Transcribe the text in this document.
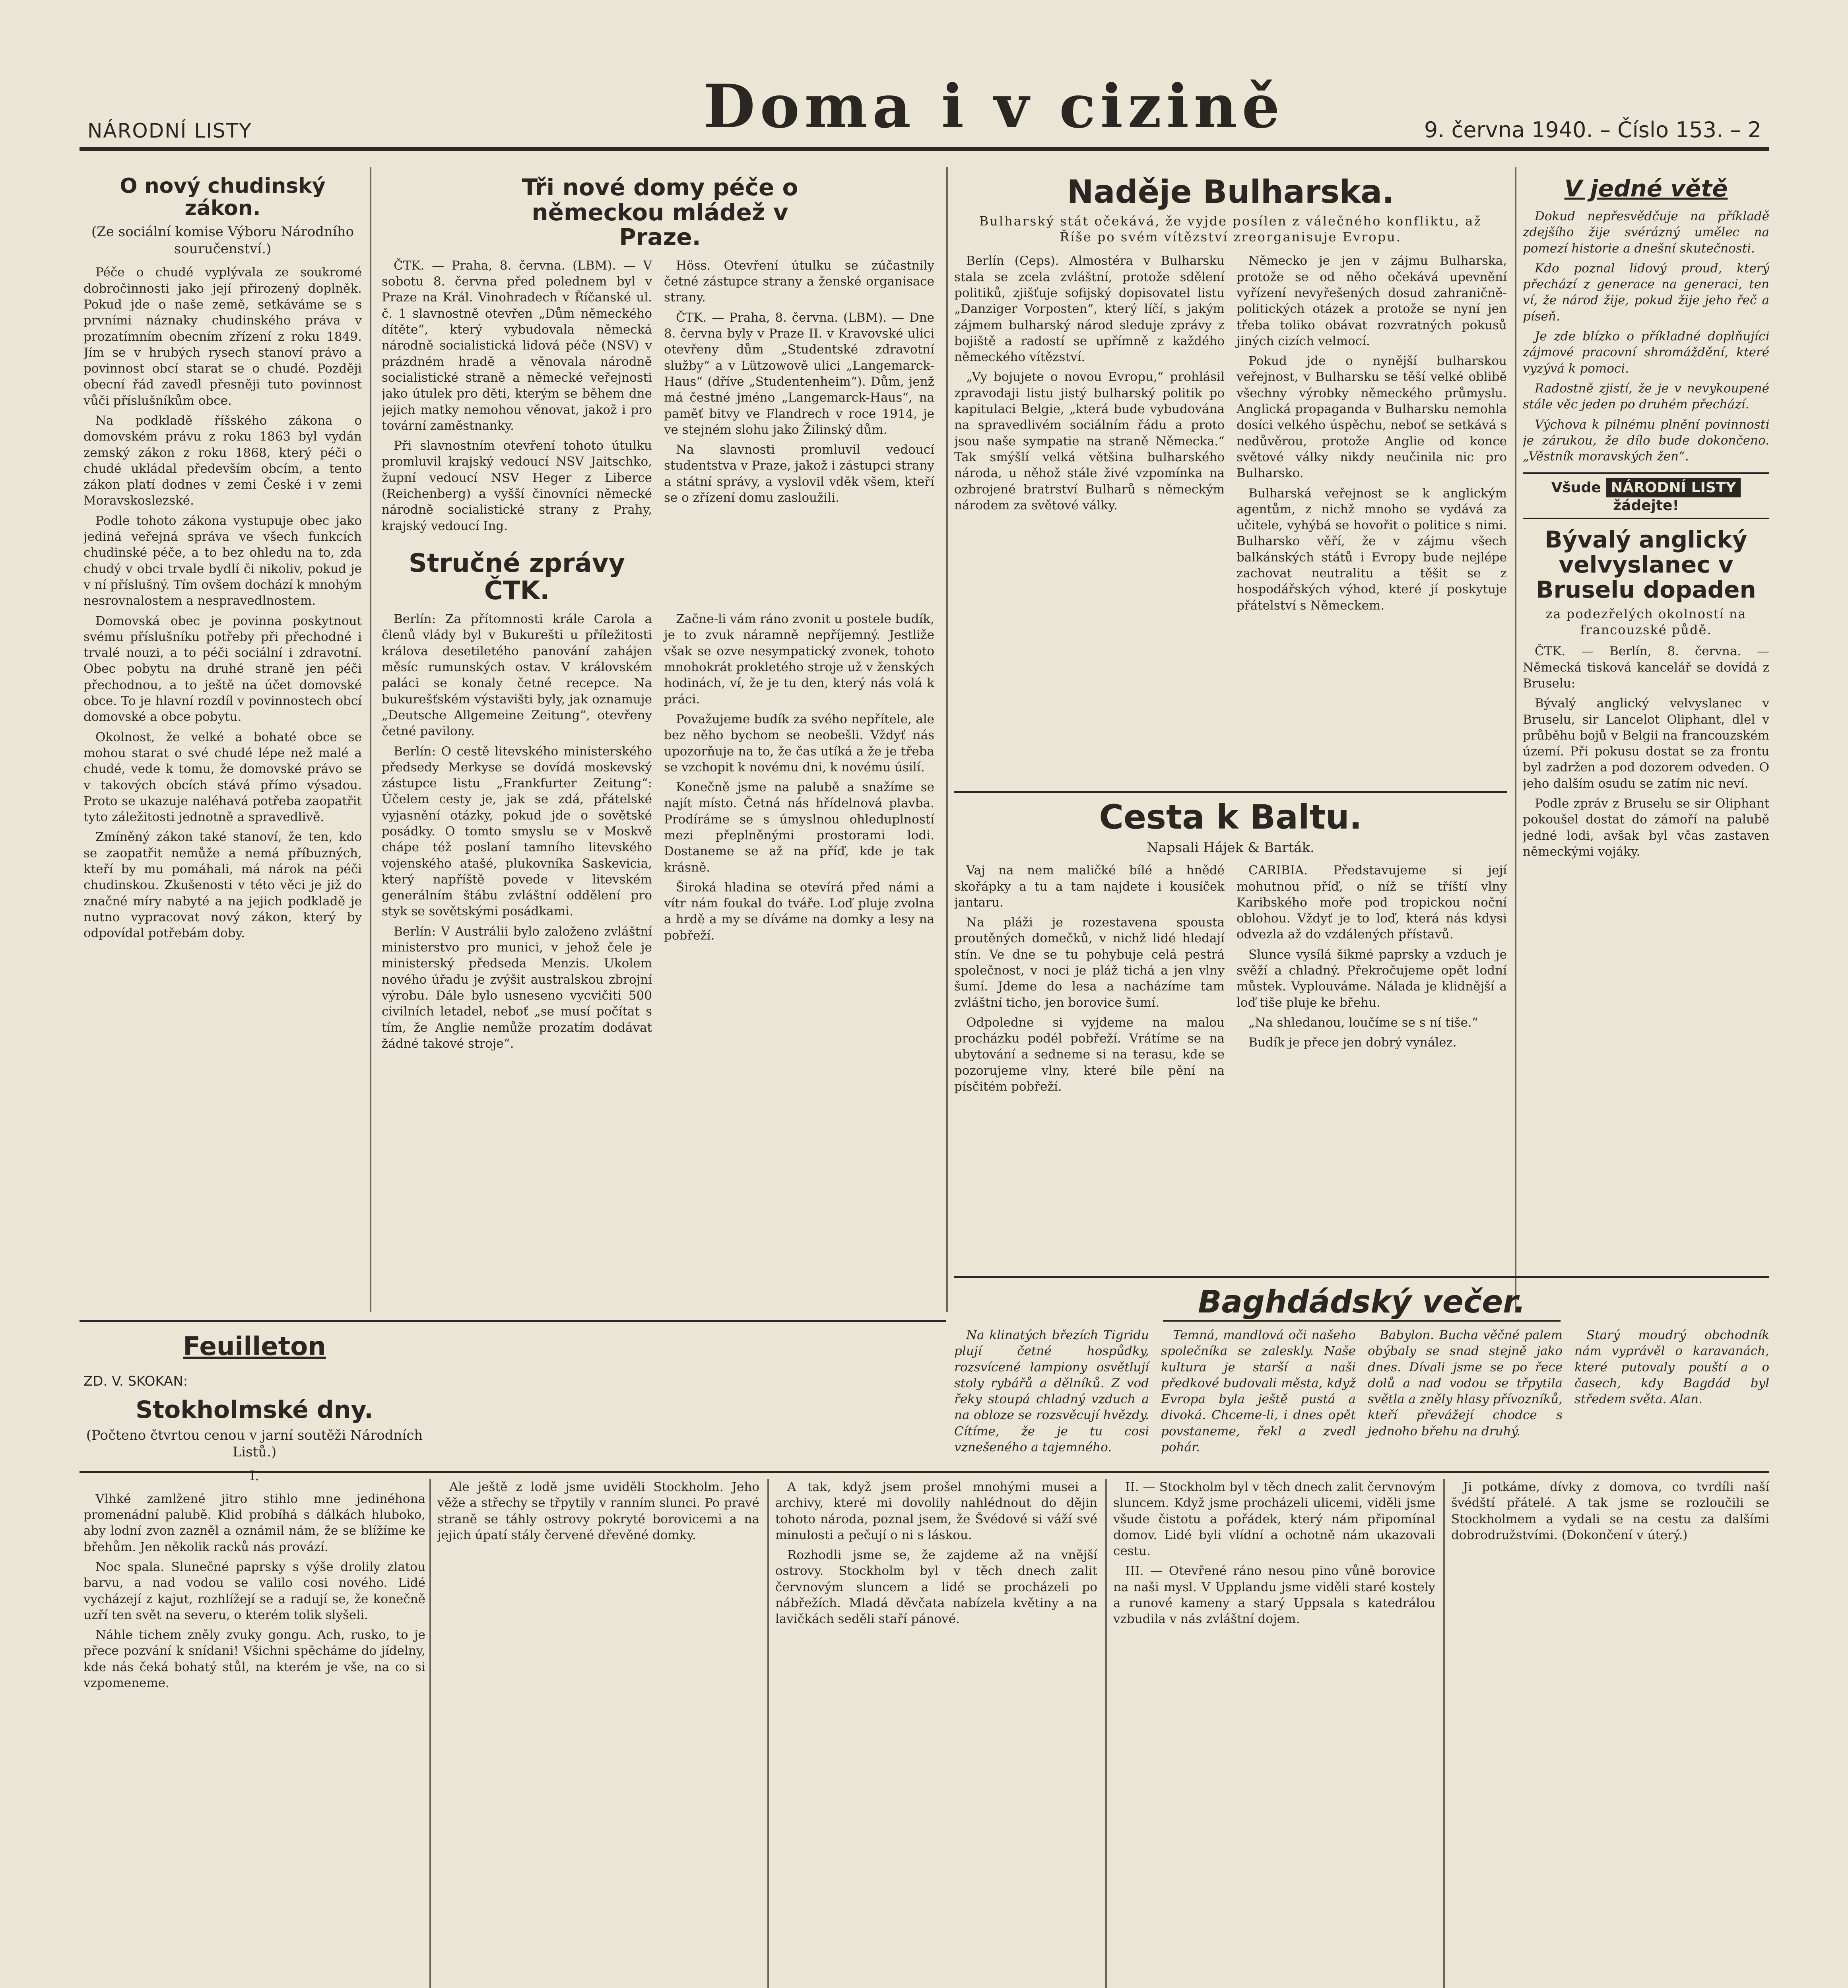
NÁRODNÍ LISTY	Doma i v cizině	9. června 1940. – Číslo 153. – 2
O nový chudinský zákon.
(Ze sociální komise Výboru Národního souručenství.)

Péče o chudé vyplývala ze soukromé dobročinnosti jako její přirozený doplněk. Pokud jde o naše země, setkáváme se s prvními náznaky chudinského práva v prozatímním obecním zřízení z roku 1849. Jím se v hrubých rysech stanoví právo a povinnost obcí starat se o chudé. Později obecní řád zavedl přesněji tuto povinnost vůči příslušníkům obce.

Na podkladě říšského zákona o domovském právu z roku 1863 byl vydán zemský zákon z roku 1868, který péči o chudé ukládal především obcím, a tento zákon platí dodnes v zemi České i v zemi Moravskoslezské.

Podle tohoto zákona vystupuje obec jako jediná veřejná správa ve všech funkcích chudinské péče, a to bez ohledu na to, zda chudý v obci trvale bydlí či nikoliv, pokud je v ní příslušný. Tím ovšem dochází k mnohým nesrovnalostem a nespravedlnostem.

Domovská obec je povinna poskytnout svému příslušníku potřeby při přechodné i trvalé nouzi, a to péči sociální i zdravotní. Obec pobytu na druhé straně jen péči přechodnou, a to ještě na účet domovské obce. To je hlavní rozdíl v povinnostech obcí domovské a obce pobytu.

Okolnost, že velké a bohaté obce se mohou starat o své chudé lépe než malé a chudé, vede k tomu, že domovské právo se v takových obcích stává přímo výsadou. Proto se ukazuje naléhavá potřeba zaopatřit tyto záležitosti jednotně a spravedlivě.

Zmíněný zákon také stanoví, že ten, kdo se zaopatřit nemůže a nemá příbuzných, kteří by mu pomáhali, má nárok na péči chudinskou. Zkušenosti v této věci je již do značné míry nabyté a na jejich podkladě je nutno vypracovat nový zákon, který by odpovídal potřebám doby.

Tři nové domy péče o německou mládež v Praze.

ČTK. — Praha, 8. června. (LBM). — V sobotu 8. června před polednem byl v Praze na Král. Vinohradech v Říčanské ul. č. 1 slavnostně otevřen „Dům německého dítěte“, který vybudovala německá národně socialistická lidová péče (NSV) v prázdném hradě a věnovala národně socialistické straně a německé veřejnosti jako útulek pro děti, kterým se během dne jejich matky nemohou věnovat, jakož i pro tovární zaměstnanky.

Při slavnostním otevření tohoto útulku promluvil krajský vedoucí NSV Jaitschko, župní vedoucí NSV Heger z Liberce (Reichenberg) a vyšší činovníci německé národně socialistické strany z Prahy, krajský vedoucí Ing.

Höss. Otevření útulku se zúčastnily četné zástupce strany a ženské organisace strany.

ČTK. — Praha, 8. června. (LBM). — Dne 8. června byly v Praze II. v Kravovské ulici otevřeny dům „Studentské zdravotní služby“ a v Lützowově ulici „Langemarck-Haus“ (dříve „Studentenheim“). Dům, jenž má čestné jméno „Langemarck-Haus“, na paměť bitvy ve Flandrech v roce 1914, je ve stejném slohu jako Žilinský dům.

Na slavnosti promluvil vedoucí studentstva v Praze, jakož i zástupci strany a státní správy, a vyslovil vděk všem, kteří se o zřízení domu zasloužili.

Stručné zprávy ČTK.

Berlín: Za přítomnosti krále Carola a členů vlády byl v Bukurešti u příležitosti králova desetiletého panování zahájen měsíc rumunských ostav. V královském paláci se konaly četné recepce. Na bukurešťském výstavišti byly, jak oznamuje „Deutsche Allgemeine Zeitung“, otevřeny četné pavilony.

Berlín: O cestě litevského ministerského předsedy Merkyse se dovídá moskevský zástupce listu „Frankfurter Zeitung“: Účelem cesty je, jak se zdá, přátelské vyjasnění otázky, pokud jde o sovětské posádky. O tomto smyslu se v Moskvě chápe též poslaní tamního litevského vojenského atašé, plukovníka Saskevicia, který napříště povede v litevském generálním štábu zvláštní oddělení pro styk se sovětskými posádkami.

Berlín: V Austrálii bylo založeno zvláštní ministerstvo pro munici, v jehož čele je ministerský předseda Menzis. Ukolem nového úřadu je zvýšit australskou zbrojní výrobu. Dále bylo usneseno vycvičiti 500 civilních letadel, neboť „se musí počítat s tím, že Anglie nemůže prozatím dodávat žádné takové stroje“.

Začne-li vám ráno zvonit u postele budík, je to zvuk náramně nepříjemný. Jestliže však se ozve nesympatický zvonek, tohoto mnohokrát prokletého stroje už v ženských hodinách, ví, že je tu den, který nás volá k práci.

Považujeme budík za svého nepřítele, ale bez něho bychom se neobešli. Vždyť nás upozorňuje na to, že čas utíká a že je třeba se vzchopit k novému dni, k novému úsilí.

Konečně jsme na palubě a snažíme se najít místo. Četná nás hřídelnová plavba. Prodíráme se s úmyslnou ohleduplností mezi přeplněnými prostorami lodi. Dostaneme se až na příď, kde je tak krásně.

Široká hladina se otevírá před námi a vítr nám foukal do tváře. Loď pluje zvolna a hrdě a my se díváme na domky a lesy na pobřeží.

Naděje Bulharska.
Bulharský stát očekává, že vyjde posílen z válečného konfliktu, až Říše po svém vítězství zreorganisuje Evropu.

Berlín (Ceps). Almostéra v Bulharsku stala se zcela zvláštní, protože sdělení politiků, zjišťuje sofijský dopisovatel listu „Danziger Vorposten“, který líčí, s jakým zájmem bulharský národ sleduje zprávy z bojiště a radostí se upřímně z každého německého vítězství.

„Vy bojujete o novou Evropu,“ prohlásil zpravodaji listu jistý bulharský politik po kapitulaci Belgie, „která bude vybudována na spravedlivém sociálním řádu a proto jsou naše sympatie na straně Německa.“ Tak smýšlí velká většina bulharského národa, u něhož stále živé vzpomínka na ozbrojené bratrství Bulharů s německým národem za světové války.

Německo je jen v zájmu Bulharska, protože se od něho očekává upevnění vyřízení nevyřešených dosud zahraničně-politických otázek a protože se nyní jen třeba toliko obávat rozvratných pokusů jiných cizích velmocí.

Pokud jde o nynější bulharskou veřejnost, v Bulharsku se těší velké oblibě všechny výrobky německého průmyslu. Anglická propaganda v Bulharsku nemohla dosíci velkého úspěchu, neboť se setkává s nedůvěrou, protože Anglie od konce světové války nikdy neučinila nic pro Bulharsko.

Bulharská veřejnost se k anglickým agentům, z nichž mnoho se vydává za učitele, vyhýbá se hovořit o politice s nimi. Bulharsko věří, že v zájmu všech balkánských států i Evropy bude nejlépe zachovat neutralitu a těšit se z hospodářských výhod, které jí poskytuje přátelství s Německem.

Cesta k Baltu.
Napsali Hájek & Barták.

Vaj na nem maličké bílé a hnědé skořápky a tu a tam najdete i kousíček jantaru.

Na pláži je rozestavena spousta proutěných domečků, v nichž lidé hledají stín. Ve dne se tu pohybuje celá pestrá společnost, v noci je pláž tichá a jen vlny šumí. Jdeme do lesa a nacházíme tam zvláštní ticho, jen borovice šumí.

Odpoledne si vyjdeme na malou procházku podél pobřeží. Vrátíme se na ubytování a sedneme si na terasu, kde se pozorujeme vlny, které bíle pění na písčitém pobřeží.

CARIBIA. Představujeme si její mohutnou příď, o níž se tříští vlny Karibského moře pod tropickou noční oblohou. Vždyť je to loď, která nás kdysi odvezla až do vzdálených přístavů.

Slunce vysílá šikmé paprsky a vzduch je svěží a chladný. Překročujeme opět lodní můstek. Vyplouváme. Nálada je klidnější a loď tiše pluje ke břehu.

„Na shledanou, loučíme se s ní tiše.“

Budík je přece jen dobrý vynález.

V jedné větě

Dokud nepřesvědčuje na příkladě zdejšího žije svérázný umělec na pomezí historie a dnešní skutečnosti.

Kdo poznal lidový proud, který přechází z generace na generaci, ten ví, že národ žije, pokud žije jeho řeč a píseň.

Je zde blízko o příkladné doplňující zájmové pracovní shromáždění, které vyzývá k pomoci.

Radostně zjistí, že je v nevykoupené stále věc jeden po druhém přechází.

Výchova k pilnému plnění povinností je zárukou, že dílo bude dokončeno. „Věstník moravských žen“.

Všude NÁRODNÍ LISTY žádejte!
Bývalý anglický velvyslanec v Bruselu dopaden
za podezřelých okolností na francouzské půdě.

ČTK. — Berlín, 8. června. — Německá tisková kancelář se dovídá z Bruselu:

Bývalý anglický velvyslanec v Bruselu, sir Lancelot Oliphant, dlel v průběhu bojů v Belgii na francouzském území. Při pokusu dostat se za frontu byl zadržen a pod dozorem odveden. O jeho dalším osudu se zatím nic neví.

Podle zpráv z Bruselu se sir Oliphant pokoušel dostat do zámoří na palubě jedné lodi, avšak byl včas zastaven německými vojáky.

Baghdádský večer.

Na klinatých březích Tigridu plují četné hospůdky, rozsvícené lampiony osvětlují stoly rybářů a dělníků. Z vod řeky stoupá chladný vzduch a na obloze se rozsvěcují hvězdy. Cítíme, že je tu cosi vznešeného a tajemného.

Temná, mandlová oči našeho společníka se zaleskly. Naše kultura je starší a naši předkové budovali města, když Evropa byla ještě pustá a divoká. Chceme-li, i dnes opět povstaneme, řekl a zvedl pohár.

Babylon. Bucha věčné palem obýbaly se snad stejně jako dnes. Dívali jsme se po řece dolů a nad vodou se třpytila světla a zněly hlasy přívozníků, kteří převážejí chodce s jednoho břehu na druhý.

Starý moudrý obchodník nám vyprávěl o karavanách, které putovaly pouští a o časech, kdy Bagdád byl středem světa. Alan.

Feuilleton
ZD. V. SKOKAN:
Stokholmské dny.
(Počteno čtvrtou cenou v jarní soutěži Národních Listů.)
I.

Vlhké zamlžené jitro stihlo mne jedinéhona promenádní palubě. Klid probíhá s dálkách hluboko, aby lodní zvon zazněl a oznámil nám, že se blížíme ke břehům. Jen několik racků nás provází.

Noc spala. Slunečné paprsky s výše drolily zlatou barvu, a nad vodou se valilo cosi nového. Lidé vycházejí z kajut, rozhlížejí se a radují se, že konečně uzří ten svět na severu, o kterém tolik slyšeli.

Náhle tichem zněly zvuky gongu. Ach, rusko, to je přece pozvání k snídani! Všichni spěcháme do jídelny, kde nás čeká bohatý stůl, na kterém je vše, na co si vzpomeneme.

Ale ještě z lodě jsme uviděli Stockholm. Jeho věže a střechy se třpytily v ranním slunci. Po pravé straně se táhly ostrovy pokryté borovicemi a na jejich úpatí stály červené dřevěné domky.

A tak, když jsem prošel mnohými musei a archivy, které mi dovolily nahlédnout do dějin tohoto národa, poznal jsem, že Švédové si váží své minulosti a pečují o ni s láskou.

Rozhodli jsme se, že zajdeme až na vnější ostrovy. Stockholm byl v těch dnech zalit červnovým sluncem a lidé se procházeli po nábřežích. Mladá děvčata nabízela květiny a na lavičkách seděli staří pánové.

II. — Stockholm byl v těch dnech zalit červnovým sluncem. Když jsme procházeli ulicemi, viděli jsme všude čistotu a pořádek, který nám připomínal domov. Lidé byli vlídní a ochotně nám ukazovali cestu.

III. — Otevřené ráno nesou pino vůně borovice na naši mysl. V Upplandu jsme viděli staré kostely a runové kameny a starý Uppsala s katedrálou vzbudila v nás zvláštní dojem.

Ji potkáme, dívky z domova, co tvrdíli naší švédští přátelé. A tak jsme se rozloučili se Stockholmem a vydali se na cestu za dalšími dobrodružstvími. (Dokončení v úterý.)
